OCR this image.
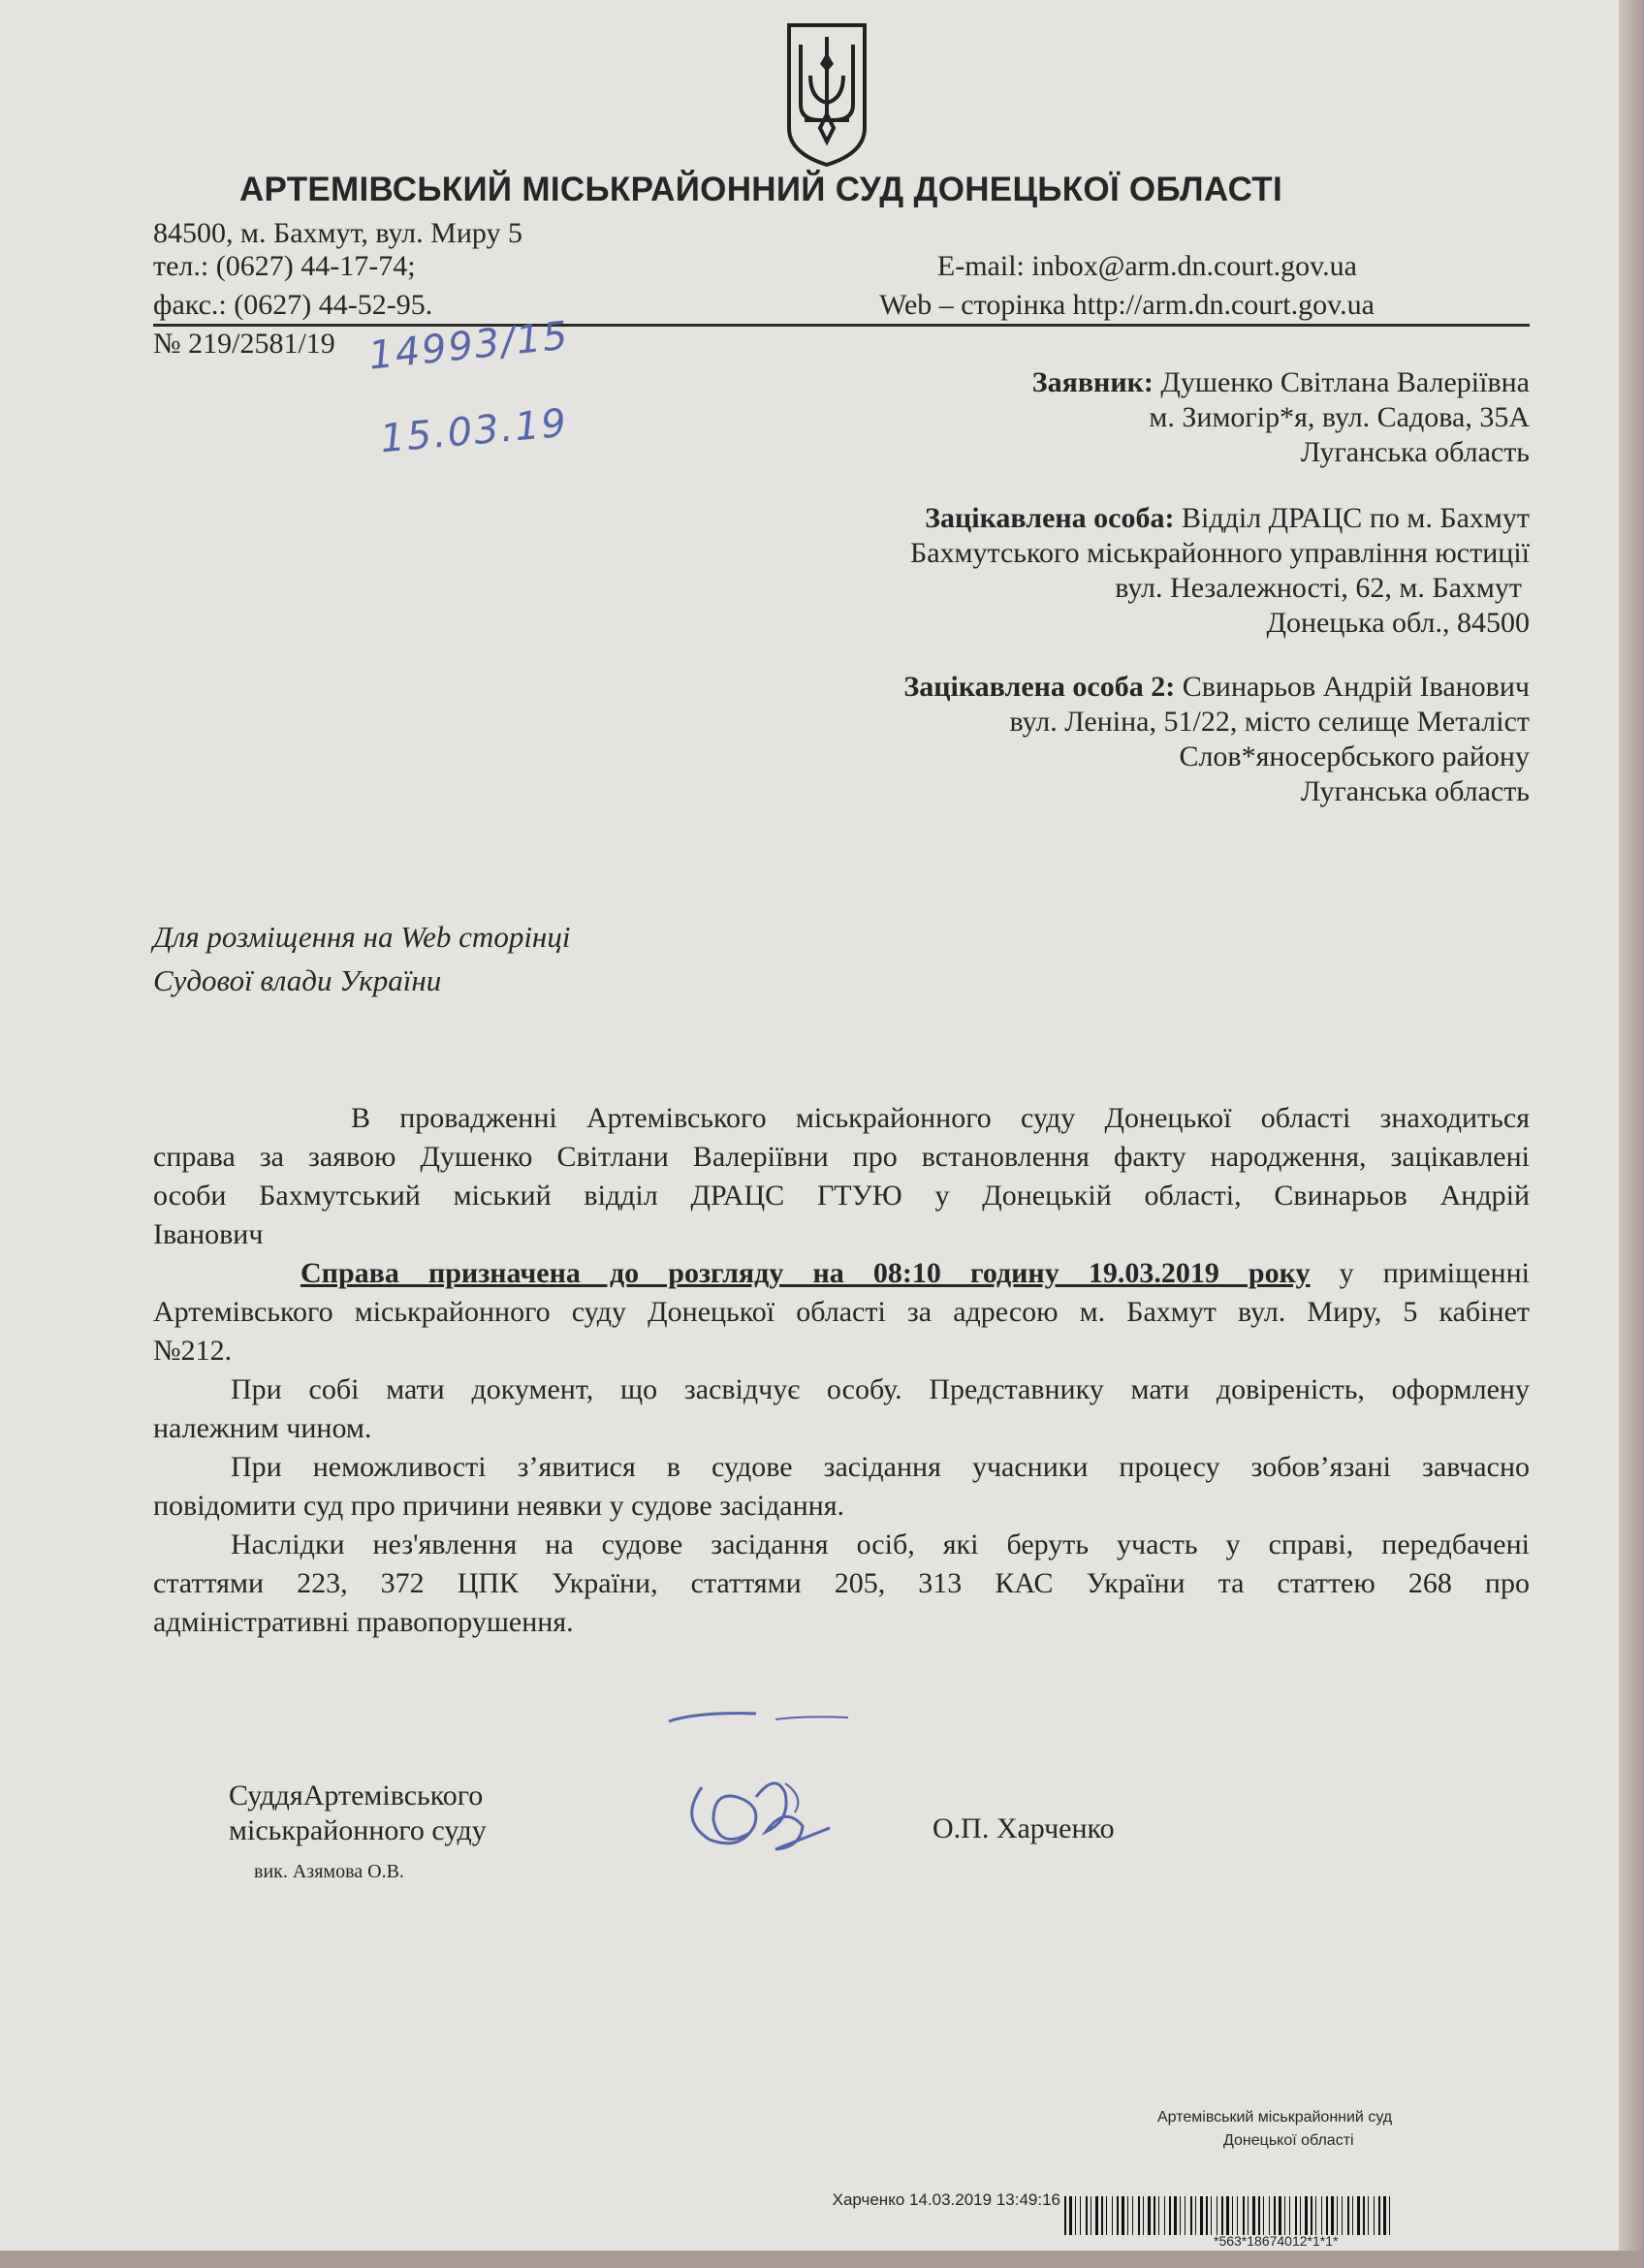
АРТЕМІВСЬКИЙ МІСЬКРАЙОННИЙ СУД ДОНЕЦЬКОЇ ОБЛАСТІ
84500, м. Бахмут, вул. Миру 5
тел.: (0627) 44-17-74;
факс.: (0627) 44-52-95.
E-mail: inbox@arm.dn.court.gov.ua
Web – сторінка http://arm.dn.court.gov.ua
№ 219/2581/19 14993/15
15.03.19
Заявник: Душенко Світлана Валеріївна
м. Зимогір*я, вул. Садова, 35А
Луганська область
Зацікавлена особа: Відділ ДРАЦС по м. Бахмут
Бахмутського міськрайонного управління юстиції
вул. Незалежності, 62, м. Бахмут
Донецька обл., 84500
Зацікавлена особа 2: Свинарьов Андрій Іванович
вул. Леніна, 51/22, місто селище Металіст
Слов*яносербського району
Луганська область
Для розміщення на Web сторінці
Судової влади України
В провадженні Артемівського міськрайонного суду Донецької області знаходиться
справа за заявою Душенко Світлани Валеріївни про встановлення факту народження, зацікавлені
особи Бахмутський міський відділ ДРАЦС ГТУЮ у Донецькій області, Свинарьов Андрій
Іванович
Справа призначена до розгляду на 08:10 годину 19.03.2019 року у приміщенні
Артемівського міськрайонного суду Донецької області за адресою м. Бахмут вул. Миру, 5 кабінет
№212.
При собі мати документ, що засвідчує особу. Представнику мати довіреність, оформлену
належним чином.
При неможливості з’явитися в судове засідання учасники процесу зобов’язані завчасно
повідомити суд про причини неявки у судове засідання.
Наслідки нез'явлення на судове засідання осіб, які беруть участь у справі, передбачені
статтями 223, 372 ЦПК України, статтями 205, 313 КАС України та статтею 268 про
адміністративні правопорушення.
СуддяАртемівського
міськрайонного суду
вик. Азямова О.В.
О.П. Харченко
Артемівський міськрайонний суд
Донецької області
Харченко 14.03.2019 13:49:16
*563*18674012*1*1*
